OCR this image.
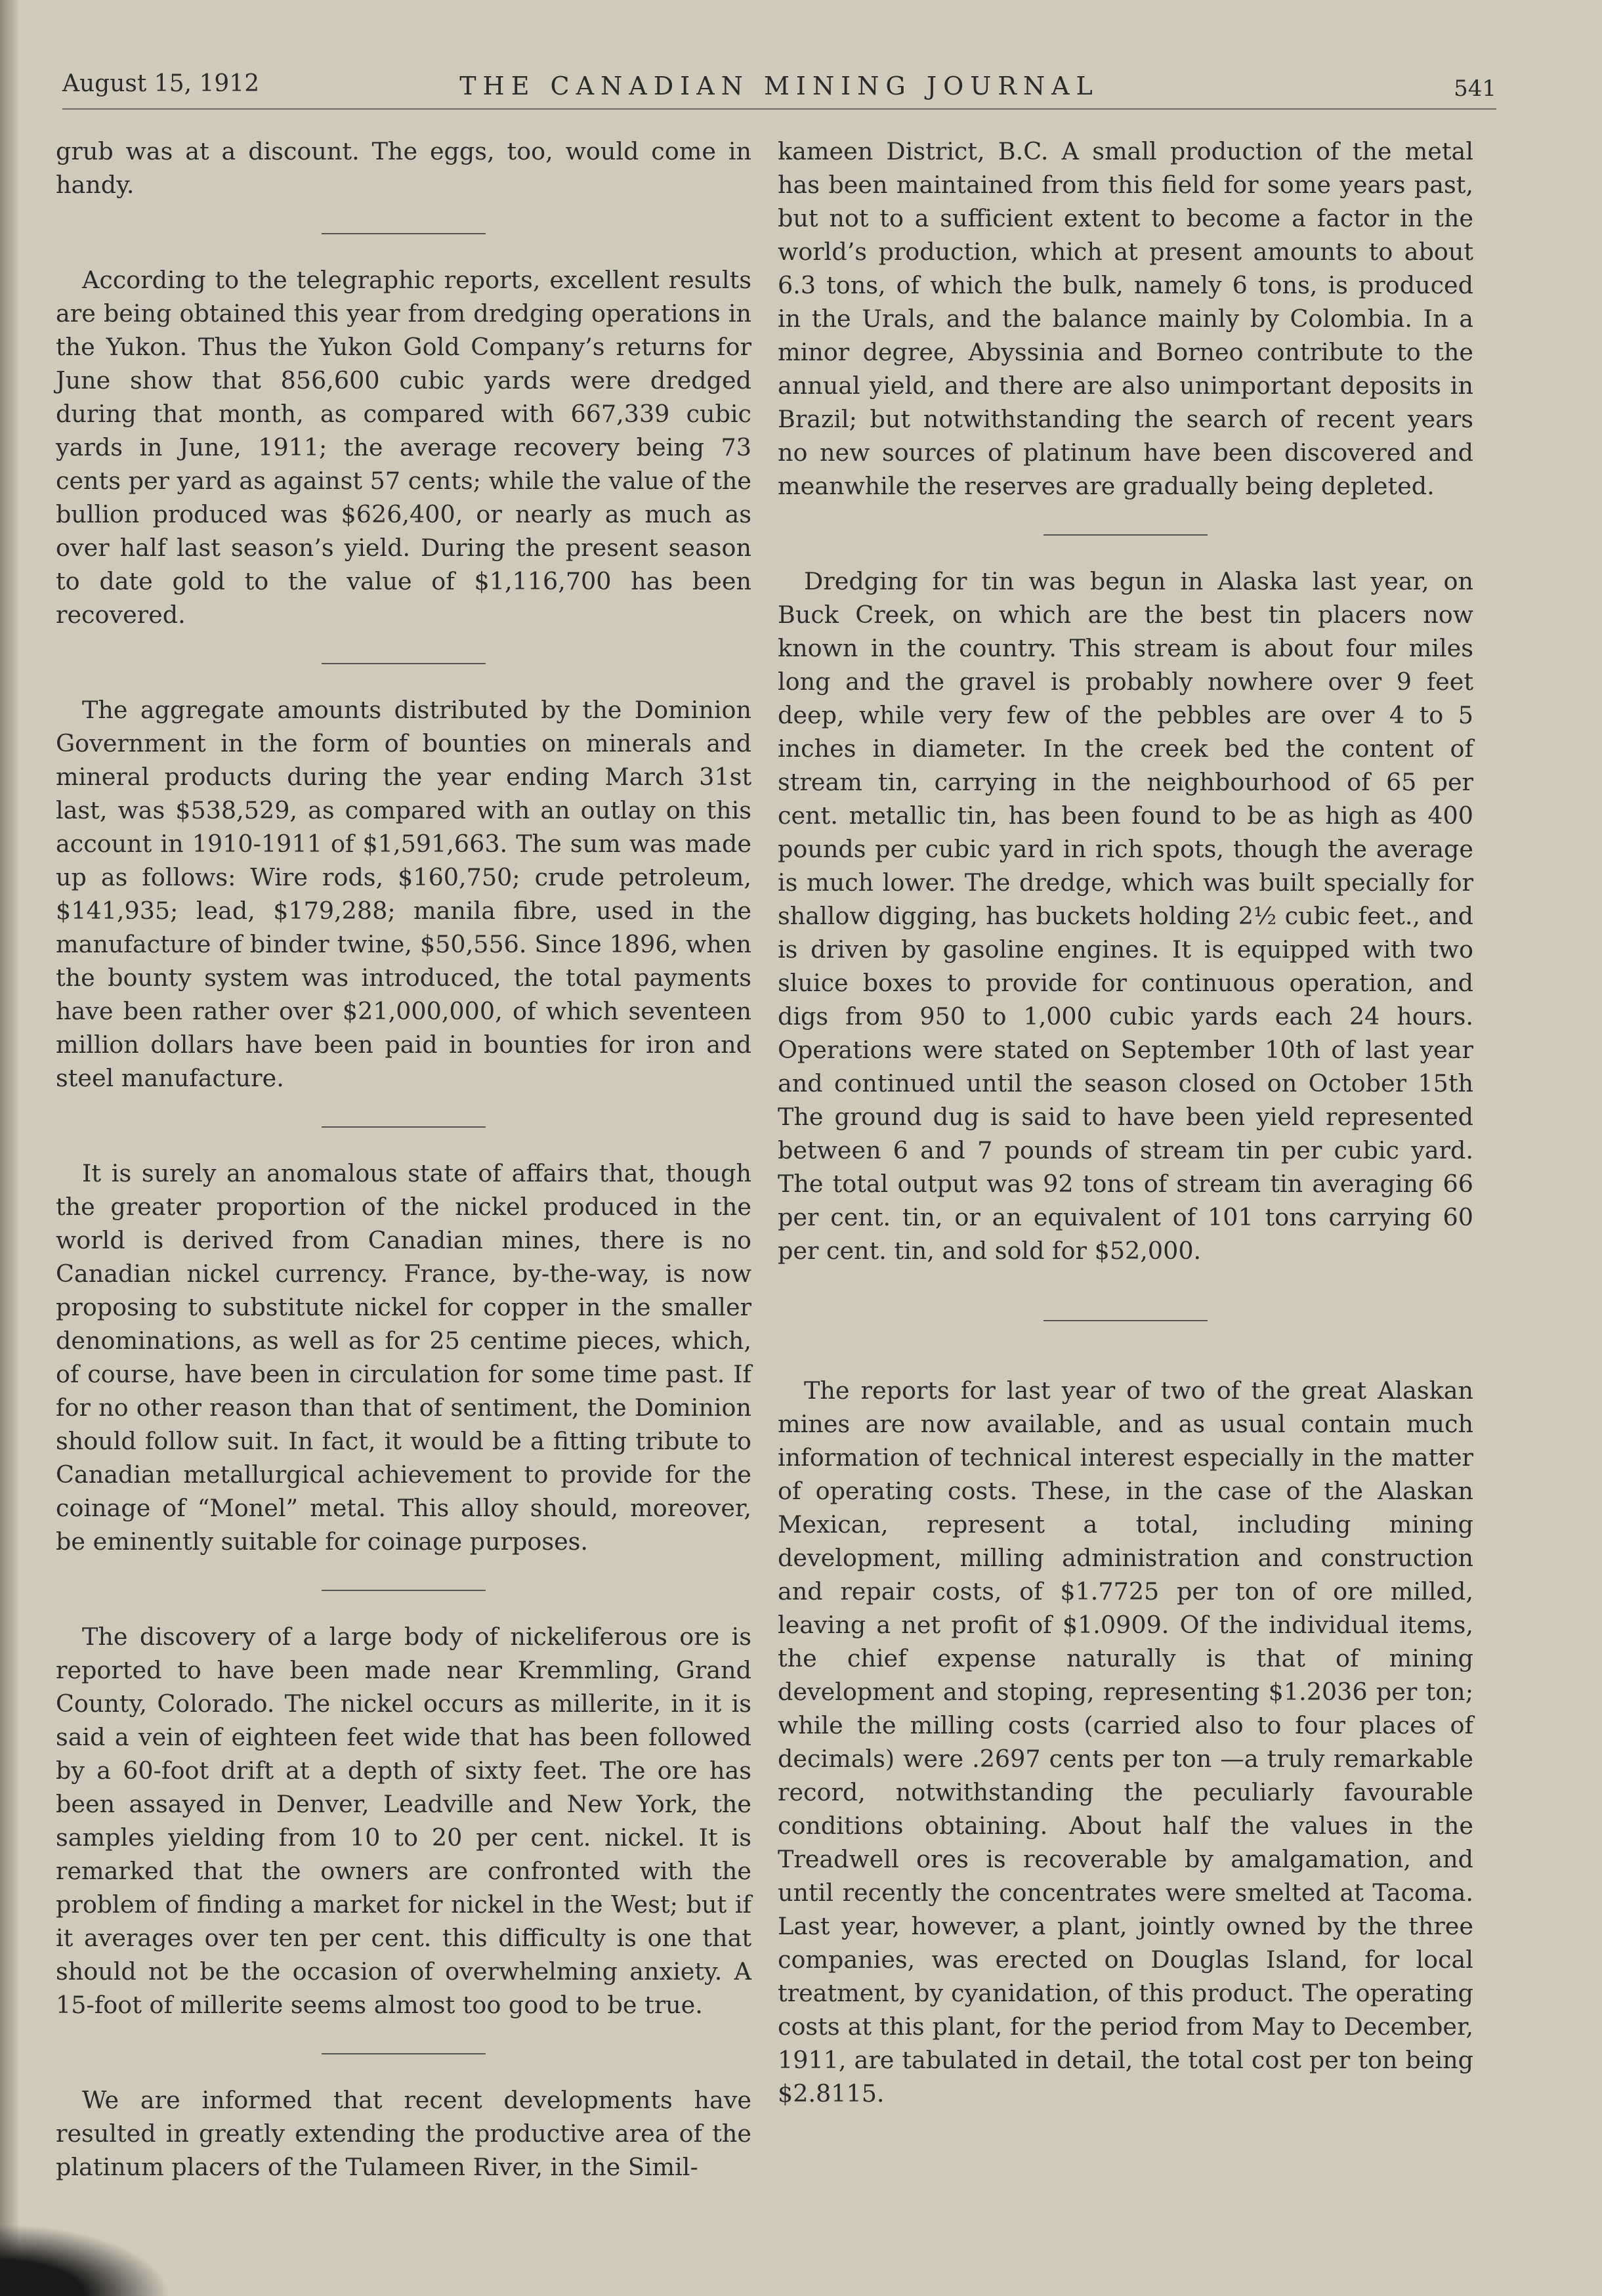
August 15, 1912	THE CANADIAN MINING JOURNAL	541

grub was at a discount. The eggs, too, would come in handy.

According to the telegraphic reports, excellent results are being obtained this year from dredging operations in the Yukon. Thus the Yukon Gold Company’s returns for June show that 856,600 cubic yards were dredged during that month, as compared with 667,339 cubic yards in June, 1911; the average recovery being 73 cents per yard as against 57 cents; while the value of the bullion produced was $626,400, or nearly as much as over half last season’s yield. During the present season to date gold to the value of $1,116,700 has been recovered.

The aggregate amounts distributed by the Dominion Government in the form of bounties on minerals and mineral products during the year ending March 31st last, was $538,529, as compared with an outlay on this account in 1910-1911 of $1,591,663. The sum was made up as follows: Wire rods, $160,750; crude petroleum, $141,935; lead, $179,288; manila fibre, used in the manufacture of binder twine, $50,556. Since 1896, when the bounty system was introduced, the total payments have been rather over $21,000,000, of which seventeen million dollars have been paid in bounties for iron and steel manufacture.

It is surely an anomalous state of affairs that, though the greater proportion of the nickel produced in the world is derived from Canadian mines, there is no Canadian nickel currency. France, by-the-way, is now proposing to substitute nickel for copper in the smaller denominations, as well as for 25 centime pieces, which, of course, have been in circulation for some time past. If for no other reason than that of sentiment, the Dominion should follow suit. In fact, it would be a fitting tribute to Canadian metallurgical achievement to provide for the coinage of “Monel” metal. This alloy should, moreover, be eminently suitable for coinage purposes.

The discovery of a large body of nickeliferous ore is reported to have been made near Kremmling, Grand County, Colorado. The nickel occurs as millerite, in it is said a vein of eighteen feet wide that has been followed by a 60-foot drift at a depth of sixty feet. The ore has been assayed in Denver, Leadville and New York, the samples yielding from 10 to 20 per cent. nickel. It is remarked that the owners are confronted with the problem of finding a market for nickel in the West; but if it averages over ten per cent. this difficulty is one that should not be the occasion of overwhelming anxiety. A 15-foot of millerite seems almost too good to be true.

We are informed that recent developments have resulted in greatly extending the productive area of the platinum placers of the Tulameen River, in the Simil-

kameen District, B.C. A small production of the metal has been maintained from this field for some years past, but not to a sufficient extent to become a factor in the world’s production, which at present amounts to about 6.3 tons, of which the bulk, namely 6 tons, is produced in the Urals, and the balance mainly by Colombia. In a minor degree, Abyssinia and Borneo contribute to the annual yield, and there are also unimportant deposits in Brazil; but notwithstanding the search of recent years no new sources of platinum have been discovered and meanwhile the reserves are gradually being depleted.

Dredging for tin was begun in Alaska last year, on Buck Creek, on which are the best tin placers now known in the country. This stream is about four miles long and the gravel is probably nowhere over 9 feet deep, while very few of the pebbles are over 4 to 5 inches in diameter. In the creek bed the content of stream tin, carrying in the neighbourhood of 65 per cent. metallic tin, has been found to be as high as 400 pounds per cubic yard in rich spots, though the average is much lower. The dredge, which was built specially for shallow digging, has buckets holding 2½ cubic feet., and is driven by gasoline engines. It is equipped with two sluice boxes to provide for continuous operation, and digs from 950 to 1,000 cubic yards each 24 hours. Operations were stated on September 10th of last year and continued until the season closed on October 15th The ground dug is said to have been yield represented between 6 and 7 pounds of stream tin per cubic yard. The total output was 92 tons of stream tin averaging 66 per cent. tin, or an equivalent of 101 tons carrying 60 per cent. tin, and sold for $52,000.

The reports for last year of two of the great Alaskan mines are now available, and as usual contain much information of technical interest especially in the matter of operating costs. These, in the case of the Alaskan Mexican, represent a total, including mining development, milling administration and construction and repair costs, of $1.7725 per ton of ore milled, leaving a net profit of $1.0909. Of the individual items, the chief expense naturally is that of mining development and stoping, representing $1.2036 per ton; while the milling costs (carried also to four places of decimals) were .2697 cents per ton —a truly remarkable record, notwithstanding the peculiarly favourable conditions obtaining. About half the values in the Treadwell ores is recoverable by amalgamation, and until recently the concentrates were smelted at Tacoma. Last year, however, a plant, jointly owned by the three companies, was erected on Douglas Island, for local treatment, by cyanidation, of this product. The operating costs at this plant, for the period from May to December, 1911, are tabulated in detail, the total cost per ton being $2.8115.
